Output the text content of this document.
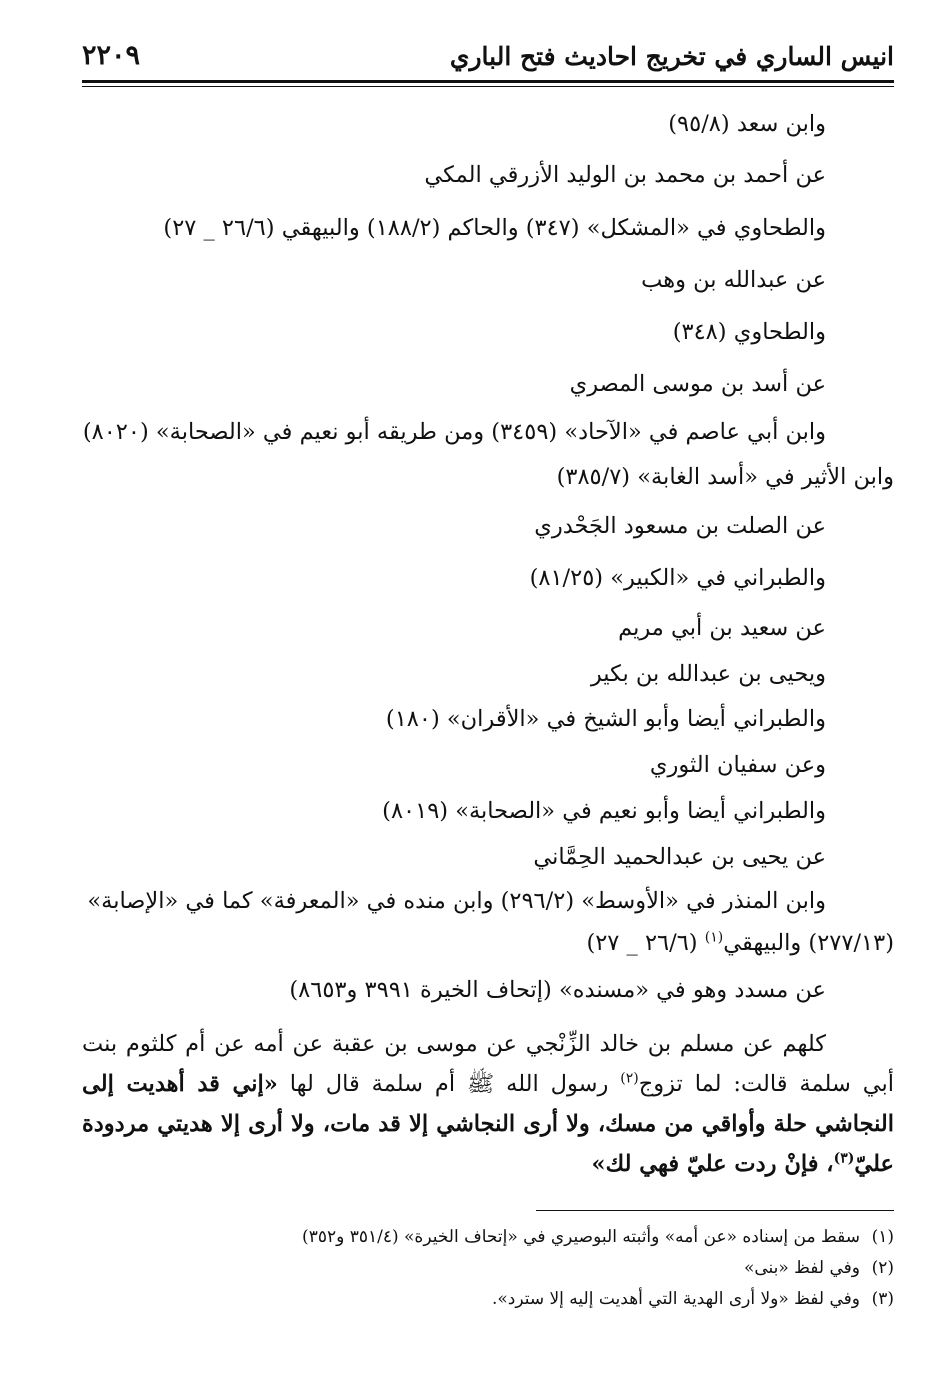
انيس الساري في تخريج احاديث فتح الباري
٢٢٠٩
وابن سعد (٩٥/٨)
عن أحمد بن محمد بن الوليد الأزرقي المكي
والطحاوي في «المشكل» (٣٤٧) والحاكم (١٨٨/٢) والبيهقي (٢٦/٦ _ ٢٧)
عن عبدالله بن وهب
والطحاوي (٣٤٨)
عن أسد بن موسى المصري
وابن أبي عاصم في «الآحاد» (٣٤٥٩) ومن طريقه أبو نعيم في «الصحابة» (٨٠٢٠)
وابن الأثير في «أسد الغابة» (٣٨٥/٧)
عن الصلت بن مسعود الجَحْدري
والطبراني في «الكبير» (٨١/٢٥)
عن سعيد بن أبي مريم
ويحيى بن عبدالله بن بكير
والطبراني أيضا وأبو الشيخ في «الأقران» (١٨٠)
وعن سفيان الثوري
والطبراني أيضا وأبو نعيم في «الصحابة» (٨٠١٩)
عن يحيى بن عبدالحميد الحِمَّاني
وابن المنذر في «الأوسط» (٢٩٦/٢) وابن منده في «المعرفة» كما في «الإصابة»
(٢٧٧/١٣) والبيهقي$^{(١)}$ (٢٦/٦ _ ٢٧)
عن مسدد وهو في «مسنده» (إتحاف الخيرة ٣٩٩١ و٨٦٥٣)

كلهم عن مسلم بن خالد الزِّنْجي عن موسى بن عقبة عن أمه عن أم كلثوم بنت أبي سلمة قالت: لما تزوج$^{(٢)}$ رسول الله ﷺ أم سلمة قال لها «إني قد أهديت إلى النجاشي حلة وأواقي من مسك، ولا أرى النجاشي إلا قد مات، ولا أرى إلا هديتي مردودة عليّ$^{(٣)}$، فإنْ ردت عليّ فهي لك»

(١)سقط من إسناده «عن أمه» وأثبته البوصيري في «إتحاف الخيرة» (٣٥١/٤ و٣٥٢)
(٢)وفي لفظ «بنى»
(٣)وفي لفظ «ولا أرى الهدية التي أهديت إليه إلا سترد».
